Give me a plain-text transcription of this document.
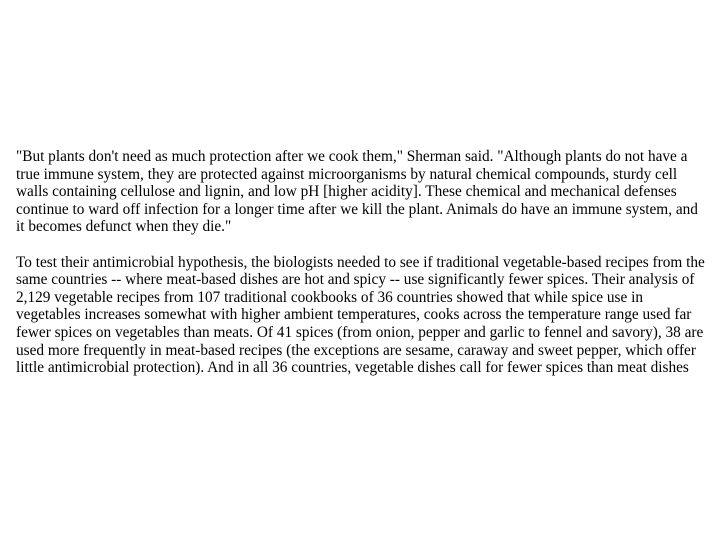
"But plants don't need as much protection after we cook them," Sherman said. "Although plants do not have a true immune system, they are protected against microorganisms by natural chemical compounds, sturdy cell walls containing cellulose and lignin, and low pH [higher acidity]. These chemical and mechanical defenses continue to ward off infection for a longer time after we kill the plant. Animals do have an immune system, and it becomes defunct when they die."

To test their antimicrobial hypothesis, the biologists needed to see if traditional vegetable-based recipes from the same countries -- where meat-based dishes are hot and spicy -- use significantly fewer spices. Their analysis of 2,129 vegetable recipes from 107 traditional cookbooks of 36 countries showed that while spice use in vegetables increases somewhat with higher ambient temperatures, cooks across the temperature range used far fewer spices on vegetables than meats. Of 41 spices (from onion, pepper and garlic to fennel and savory), 38 are used more frequently in meat-based recipes (the exceptions are sesame, caraway and sweet pepper, which offer little antimicrobial protection). And in all 36 countries, vegetable dishes call for fewer spices than meat dishes
